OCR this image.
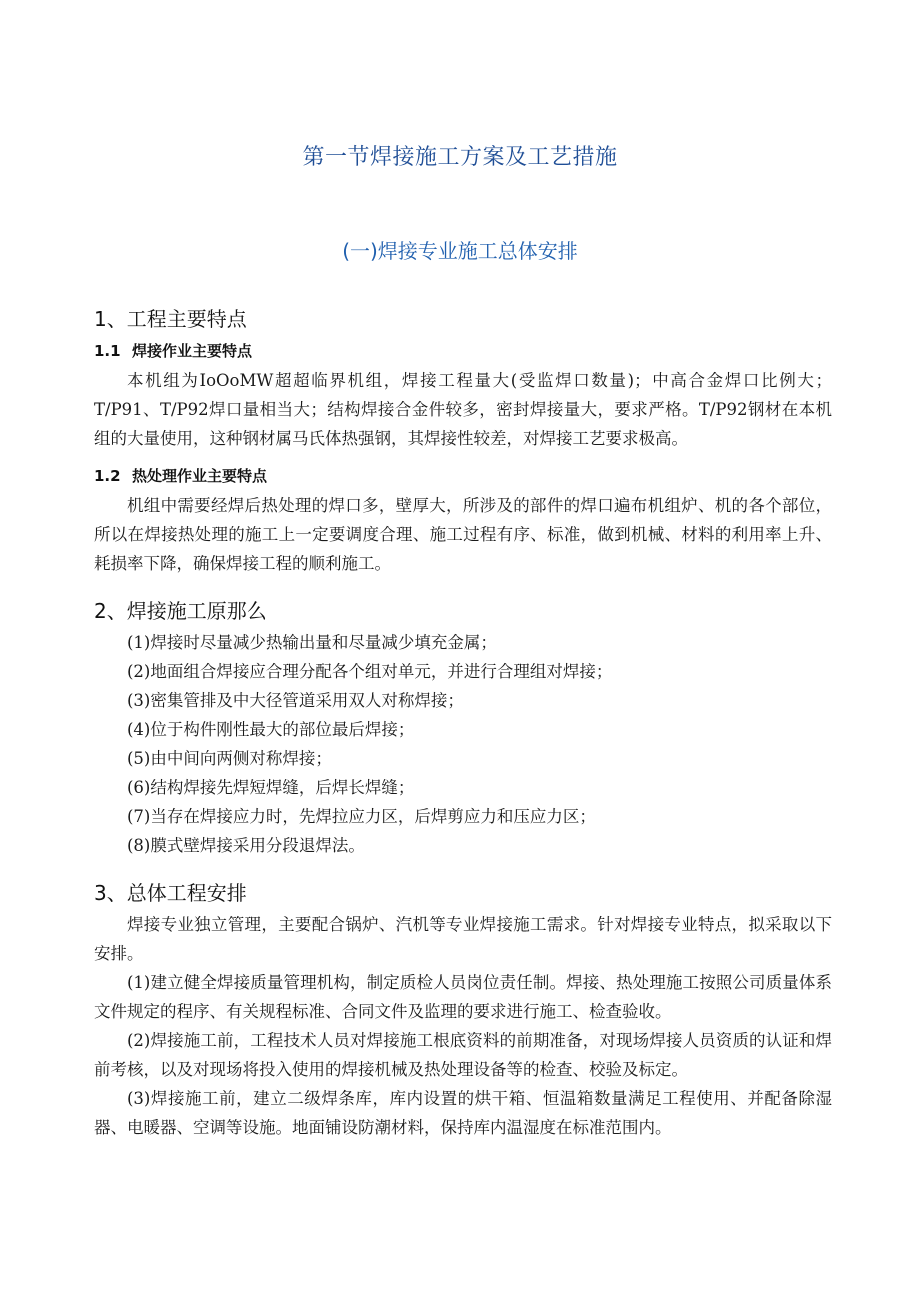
第一节焊接施工方案及工艺措施
(一)焊接专业施工总体安排
1、工程主要特点
1.1 焊接作业主要特点

本机组为IoOoMW超超临界机组，焊接工程量大(受监焊口数量)；中高合金焊口比例大；T/P91、T/P92焊口量相当大；结构焊接合金件较多，密封焊接量大，要求严格。T/P92钢材在本机组的大量使用，这种钢材属马氏体热强钢，其焊接性较差，对焊接工艺要求极高。

1.2 热处理作业主要特点

机组中需要经焊后热处理的焊口多，壁厚大，所涉及的部件的焊口遍布机组炉、机的各个部位，所以在焊接热处理的施工上一定要调度合理、施工过程有序、标准，做到机械、材料的利用率上升、耗损率下降，确保焊接工程的顺利施工。

2、焊接施工原那么
(1)焊接时尽量减少热输出量和尽量减少填充金属；
(2)地面组合焊接应合理分配各个组对单元，并进行合理组对焊接；
(3)密集管排及中大径管道采用双人对称焊接；
(4)位于构件刚性最大的部位最后焊接；
(5)由中间向两侧对称焊接；
(6)结构焊接先焊短焊缝，后焊长焊缝；
(7)当存在焊接应力时，先焊拉应力区，后焊剪应力和压应力区；
(8)膜式壁焊接采用分段退焊法。
3、总体工程安排

焊接专业独立管理，主要配合锅炉、汽机等专业焊接施工需求。针对焊接专业特点，拟采取以下安排。

(1)建立健全焊接质量管理机构，制定质检人员岗位责任制。焊接、热处理施工按照公司质量体系文件规定的程序、有关规程标准、合同文件及监理的要求进行施工、检查验收。

(2)焊接施工前，工程技术人员对焊接施工根底资料的前期准备，对现场焊接人员资质的认证和焊前考核，以及对现场将投入使用的焊接机械及热处理设备等的检查、校验及标定。

(3)焊接施工前，建立二级焊条库，库内设置的烘干箱、恒温箱数量满足工程使用、并配备除湿器、电暖器、空调等设施。地面铺设防潮材料，保持库内温湿度在标准范围内。
